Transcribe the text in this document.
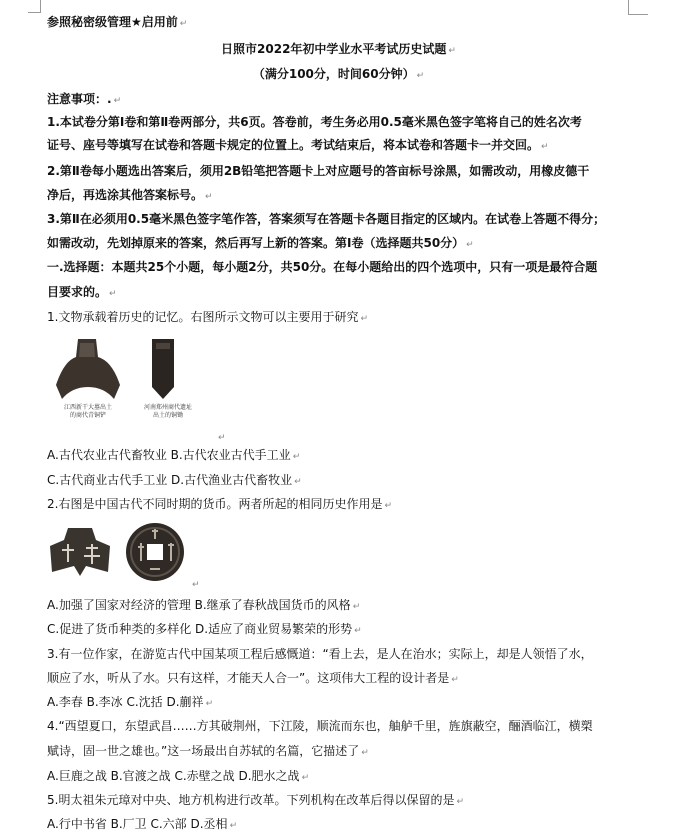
参照秘密级管理★启用前 ↵
日照市2022年初中学业水平考试历史试题 ↵
（满分100分，时间60分钟） ↵
注意事项：. ↵
1.本试卷分第Ⅰ卷和第Ⅱ卷两部分，共6页。答卷前，考生务必用0.5毫米黑色签字笔将自己的姓名次考
证号、座号等填写在试卷和答题卡规定的位置上。考试结束后，将本试卷和答题卡一并交回。 ↵
2.第Ⅱ卷每小题选出答案后，须用2B铅笔把答题卡上对应题号的答亩标号涂黑，如需改动，用橡皮德干
净后，再选涂其他答案标号。 ↵
3.第Ⅱ在必须用0.5毫米黑色签字笔作答，答案须写在答题卡各题目指定的区域内。在试卷上答题不得分；
如需改动，先划掉原来的答案，然后再写上新的答案。第Ⅰ卷（选择题共50分） ↵
一.选择题：本题共25个小题，每小题2分，共50分。在每小题给出的四个选项中，只有一项是最符合题
目要求的。 ↵
1.文物承载着历史的记忆。右图所示文物可以主要用于研究 ↵
江西新干大墓出土
的商代青铜铲
河南郑州商代遗址
出土的铜锄
↵
A.古代农业古代畜牧业 B.古代农业古代手工业 ↵
C.古代商业古代手工业 D.古代渔业古代畜牧业 ↵
2.右图是中国古代不同时期的货币。两者所起的相同历史作用是 ↵
↵
A.加强了国家对经济的管理 B.继承了春秋战国货币的风格 ↵
C.促进了货币种类的多样化 D.适应了商业贸易繁荣的形势 ↵
3.有一位作家，在游览古代中国某项工程后感慨道：“看上去，是人在治水；实际上，却是人领悟了水，
顺应了水，听从了水。只有这样，才能天人合一”。这项伟大工程的设计者是 ↵
A.李春 B.李冰 C.沈括 D.蒯祥 ↵
4.“西望夏口，东望武昌……方其破荆州，下江陵，顺流而东也，舳舻千里，旌旗蔽空，酾酒临江，横槊
赋诗，固一世之雄也。”这一场最出自苏轼的名篇，它描述了 ↵
A.巨鹿之战 B.官渡之战 C.赤壁之战 D.肥水之战 ↵
5.明太祖朱元璋对中央、地方机构进行改革。下列机构在改革后得以保留的是 ↵
A.行中书省 B.厂卫 C.六部 D.丞相 ↵
